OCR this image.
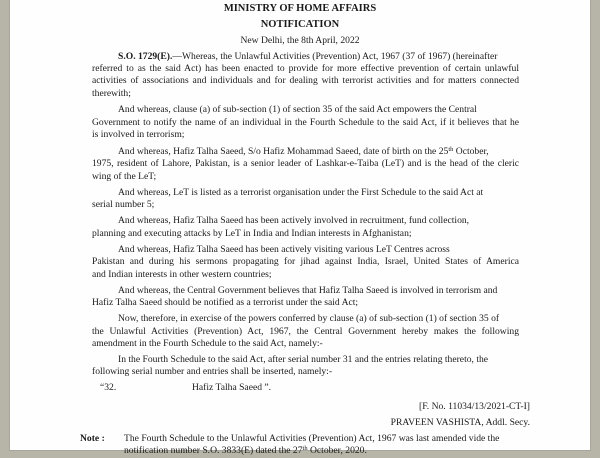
MINISTRY OF HOME AFFAIRS
NOTIFICATION
New Delhi, the 8th April, 2022
S.O. 1729(E).—Whereas, the Unlawful Activities (Prevention) Act, 1967 (37 of 1967) (hereinafter
referred to as the said Act) has been enacted to provide for more effective prevention of certain unlawful
activities of associations and individuals and for dealing with terrorist activities and for matters connected
therewith;
And whereas, clause (a) of sub-section (1) of section 35 of the said Act empowers the Central
Government to notify the name of an individual in the Fourth Schedule to the said Act, if it believes that he
is involved in terrorism;
And whereas, Hafiz Talha Saeed, S/o Hafiz Mohammad Saeed, date of birth on the 25th October,
1975, resident of Lahore, Pakistan, is a senior leader of Lashkar-e-Taiba (LeT) and is the head of the cleric
wing of the LeT;
And whereas, LeT is listed as a terrorist organisation under the First Schedule to the said Act at
serial number 5;
And whereas, Hafiz Talha Saeed has been actively involved in recruitment, fund collection,
planning and executing attacks by LeT in India and Indian interests in Afghanistan;
And whereas, Hafiz Talha Saeed has been actively visiting various LeT Centres across
Pakistan and during his sermons propagating for jihad against India, Israel, United States of America
and Indian interests in other western countries;
And whereas, the Central Government believes that Hafiz Talha Saeed is involved in terrorism and
Hafiz Talha Saeed should be notified as a terrorist under the said Act;
Now, therefore, in exercise of the powers conferred by clause (a) of sub-section (1) of section 35 of
the Unlawful Activities (Prevention) Act, 1967, the Central Government hereby makes the following
amendment in the Fourth Schedule to the said Act, namely:-
In the Fourth Schedule to the said Act, after serial number 31 and the entries relating thereto, the
following serial number and entries shall be inserted, namely:-
“32.	Hafiz Talha Saeed ”.
[F. No. 11034/13/2021-CT-I]
PRAVEEN VASHISTA, Addl. Secy.
Note : The Fourth Schedule to the Unlawful Activities (Prevention) Act, 1967 was last amended vide the
notification number S.O. 3833(E) dated the 27th October, 2020.
